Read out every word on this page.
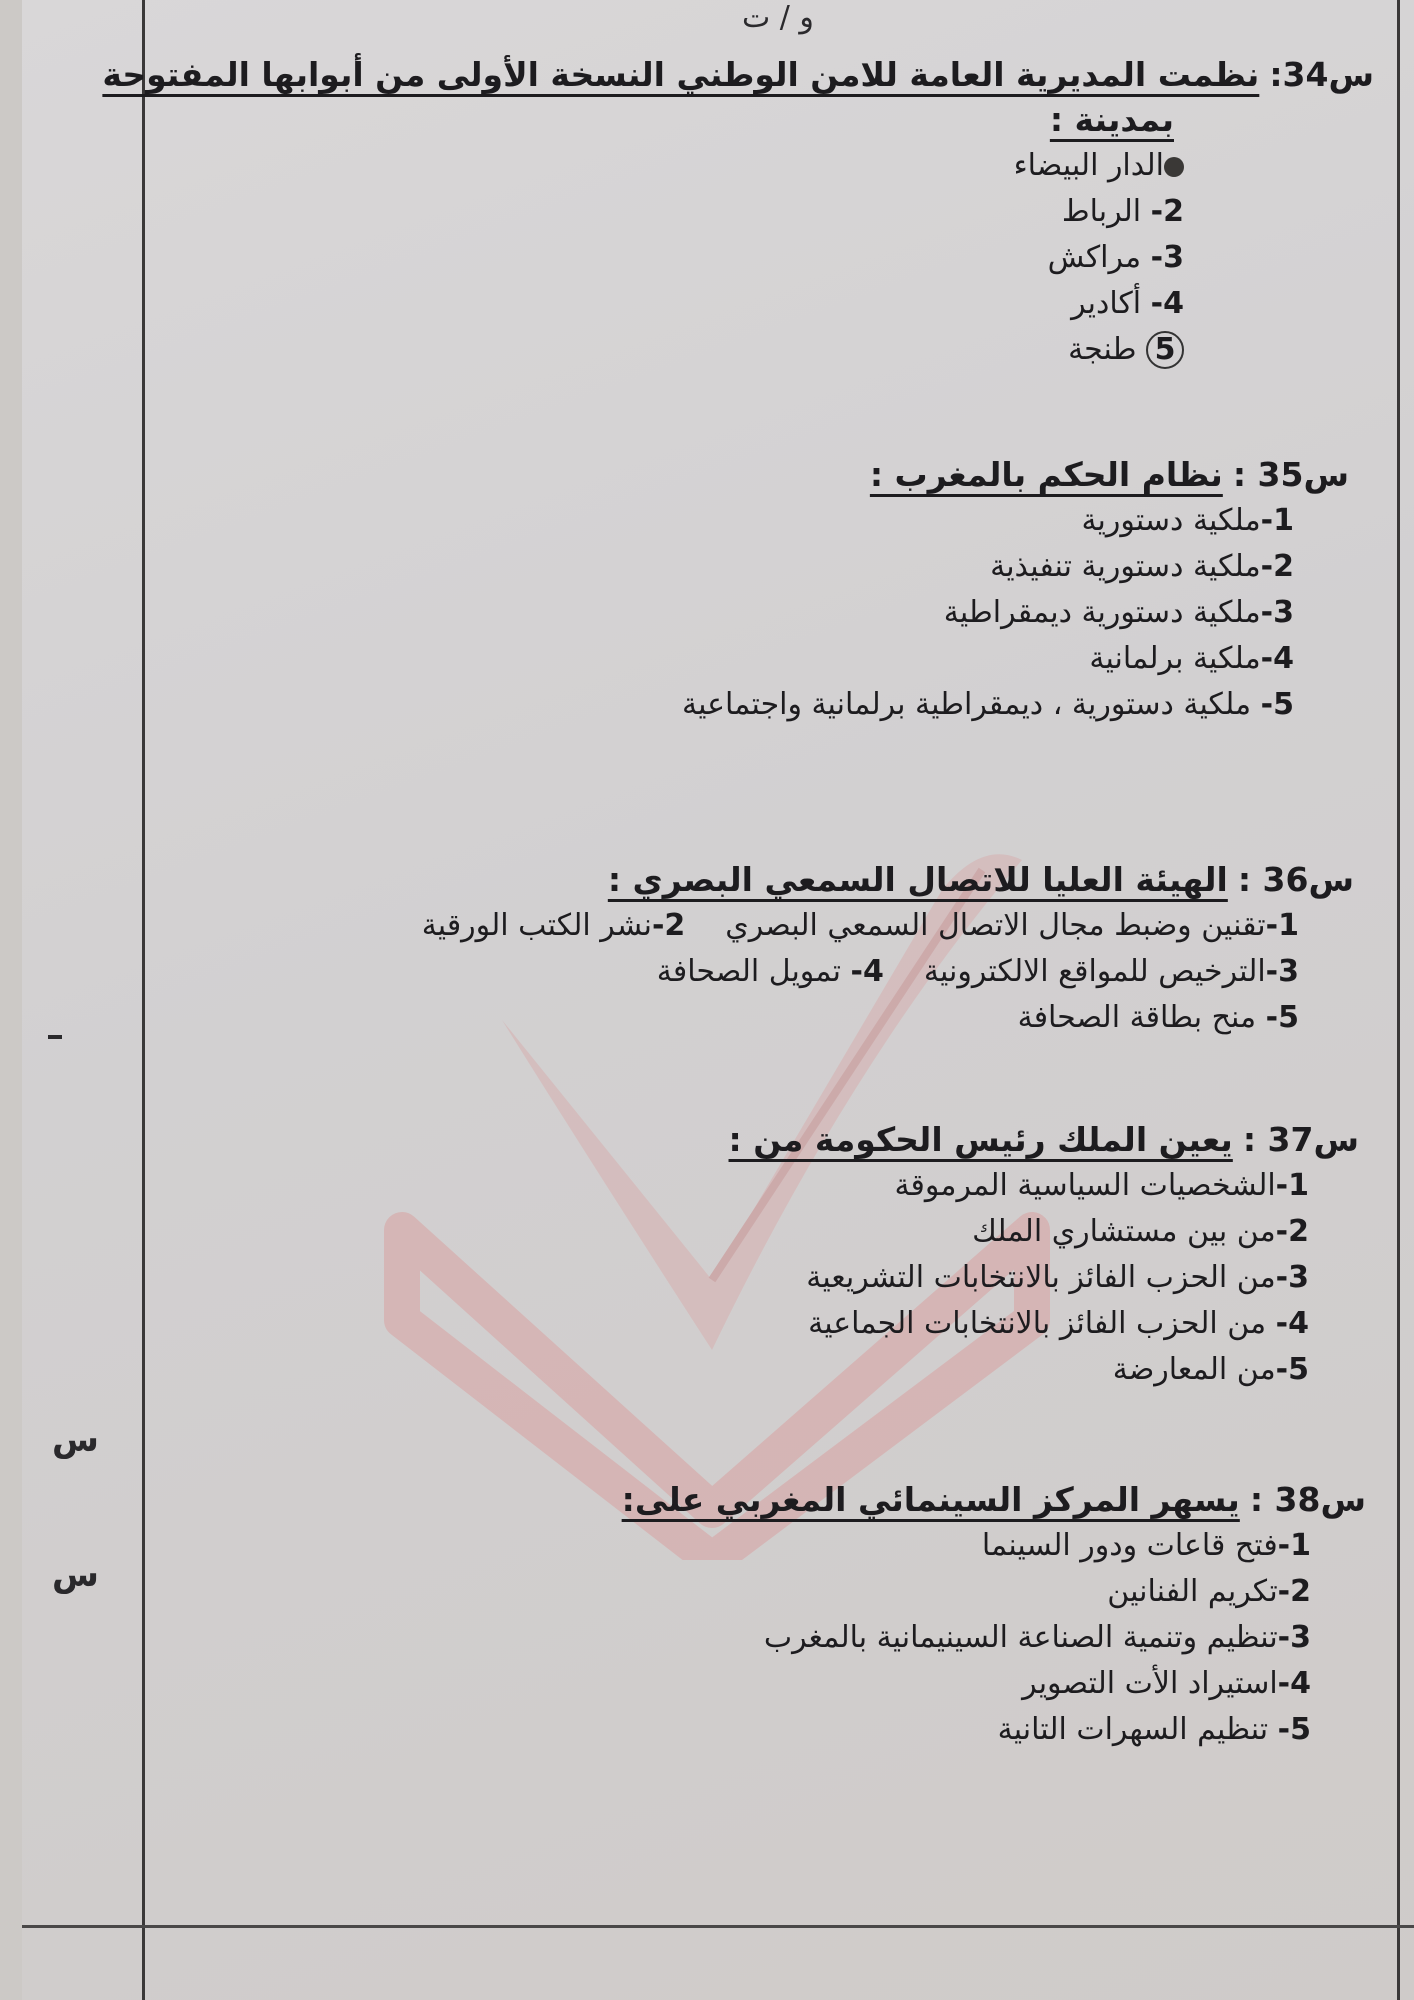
و / ت
س
س
س34:
نظمت المديرية العامة للامن الوطني النسخة الأولى من أبوابها المفتوحة
بمدينة :
الدار البيضاء
2- الرباط
3- مراكش
4- أكادير
5 طنجة
س35 :
نظام الحكم بالمغرب :
1-ملكية دستورية
2-ملكية دستورية تنفيذية
3-ملكية دستورية ديمقراطية
4-ملكية برلمانية
5- ملكية دستورية ، ديمقراطية برلمانية واجتماعية
س36 :
الهيئة العليا للاتصال السمعي البصري :
1-تقنين وضبط مجال الاتصال السمعي البصري
2-نشر الكتب الورقية
3-الترخيص للمواقع الالكترونية
4- تمويل الصحافة
5- منح بطاقة الصحافة
س37 :
يعين الملك رئيس الحكومة من :
1-الشخصيات السياسية المرموقة
2-من بين مستشاري الملك
3-من الحزب الفائز بالانتخابات التشريعية
4- من الحزب الفائز بالانتخابات الجماعية
5-من المعارضة
س38 :
يسهر المركز السينمائي المغربي على:
1-فتح قاعات ودور السينما
2-تكريم الفنانين
3-تنظيم وتنمية الصناعة السينيمانية بالمغرب
4-استيراد الأت التصوير
5- تنظيم السهرات التانية
